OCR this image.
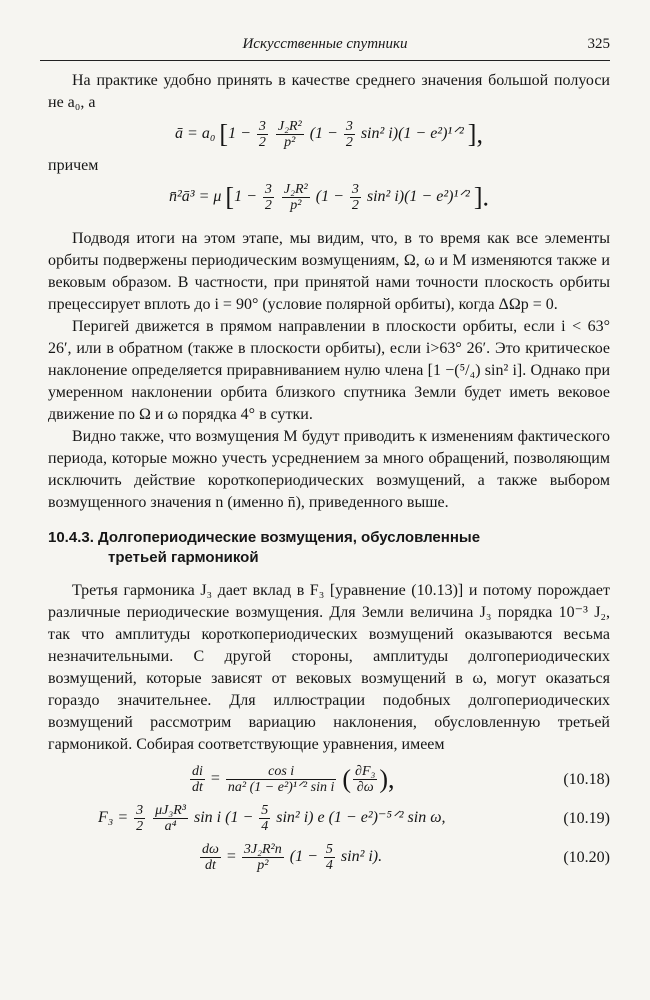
Искусственные спутники	325

На практике удобно принять в качестве среднего значения большой полуоси не a₀, а

ā = a₀ [$1 - \frac{3}{2}$
$\frac{\text{J₂R²}}{\text{p²}} (1 - \frac{3}{2} \sin^2$ i)(1 − e²)¹ᐟ² ],

причем

n̄²ā³ = μ [$1 - \frac{3}{2}$
$\frac{\text{J₂R²}}{\text{p²}} (1 - \frac{3}{2} \sin^2$ i)(1 − e²)¹ᐟ² ].

Подводя итоги на этом этапе, мы видим, что, в то время как все элементы орбиты подвержены периодическим возмущениям, Ω, ω и M изменяются также и вековым образом. В частности, при принятой нами точности плоскость орбиты прецессирует вплоть до i = 90° (условие полярной орбиты), когда ΔΩp = 0.

Перигей движется в прямом направлении в плоскости орбиты, если i < 63° 26′, или в обратном (также в плоскости орбиты), если i>63° 26′. Это критическое наклонение определяется приравниванием нулю члена [1 −(⁵/₄) sin² i]. Однако при умеренном наклонении орбита близкого спутника Земли будет иметь вековое движение по Ω и ω порядка 4° в сутки.

Видно также, что возмущения M будут приводить к изменениям фактического периода, которые можно учесть усреднением за много обращений, позволяющим исключить действие короткопериодических возмущений, а также выбором возмущенного значения n (именно n̄), приведенного выше.

10.4.3. Долгопериодические возмущения, обусловленные
третьей гармоникой

Третья гармоника J₃ дает вклад в F₃ [уравнение (10.13)] и потому порождает различные периодические возмущения. Для Земли величина J₃ порядка 10⁻³ J₂, так что амплитуды короткопериодических возмущений оказываются весьма незначительными. С другой стороны, амплитуды долгопериодических возмущений, которые зависят от вековых возмущений в ω, могут оказаться гораздо значительнее. Для иллюстрации подобных долгопериодических возмущений рассмотрим вариацию наклонения, обусловленную третьей гармоникой. Собирая соответствующие уравнения, имеем

$\frac{di}{dt} = \frac{\text{cos i}}{\text{na² (1 − e²)¹ᐟ² sin i}}$ ( $\frac{\text{∂F₃}}{\partial\omega}$ ),	(10.18)
$F_3 = \frac{3}{2}$
$\frac{\text{μJ₃R³}}{\text{a⁴}}$ sin i ($1 - \frac{5}{4} \sin^2$ i) e (1 − e²)⁻⁵ᐟ² sin ω,	(10.19)
$\frac{d\omega}{dt} = \frac{\text{3J₂R²n}}{\text{p²}} (1 - \frac{5}{4} \sin^2$ i).	(10.20)
